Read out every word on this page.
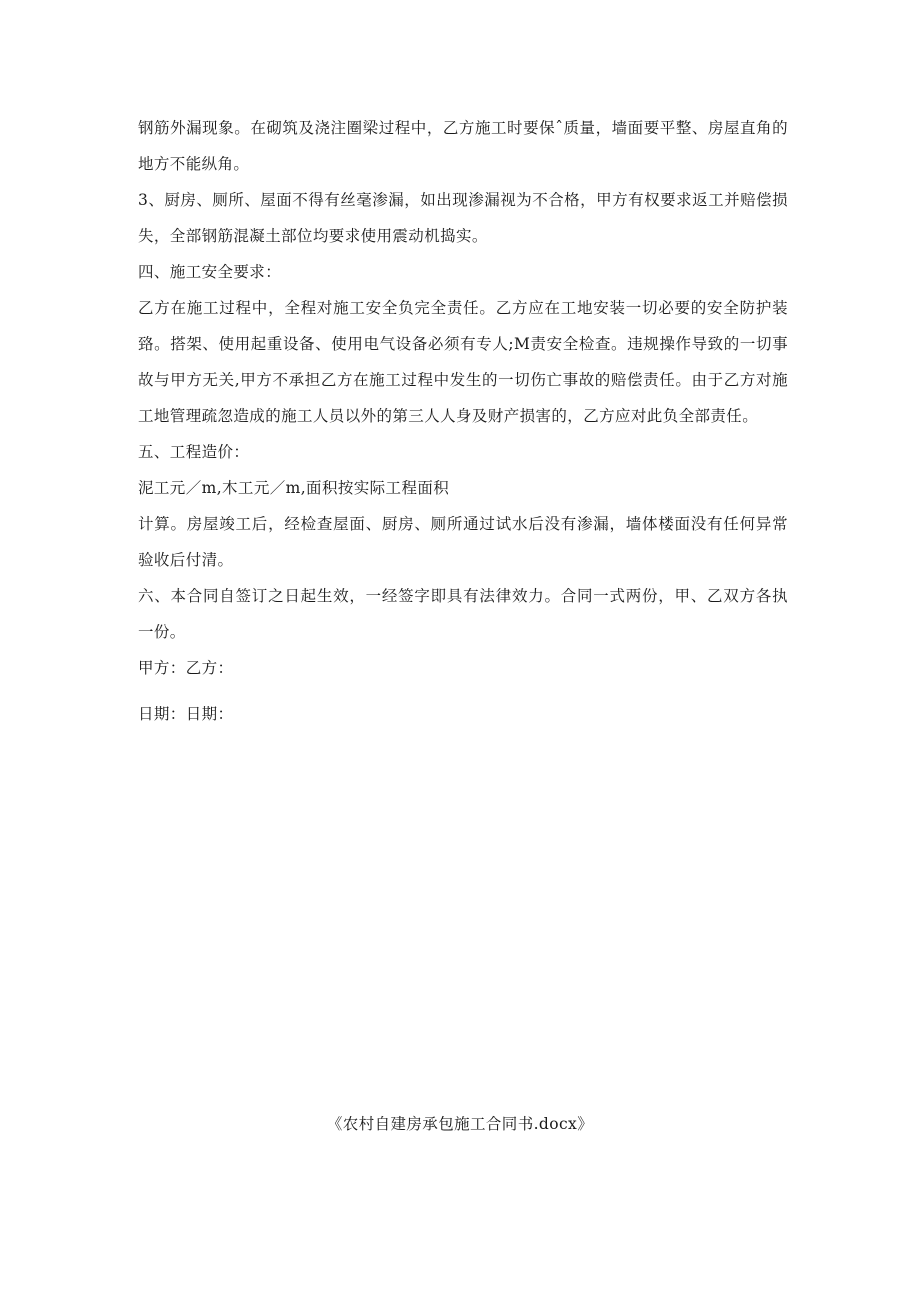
钢筋外漏现象。在砌筑及浇注圈梁过程中，乙方施工时要保ˆ质量，墙面要平整、房屋直角的地方不能纵角。

3、厨房、厕所、屋面不得有丝毫渗漏，如出现渗漏视为不合格，甲方有权要求返工并赔偿损失，全部钢筋混凝土部位均要求使用震动机捣实。

四、施工安全要求：

乙方在施工过程中，全程对施工安全负完全责任。乙方应在工地安装一切必要的安全防护装臵。搭架、使用起重设备、使用电气设备必须有专人;M责安全检查。违规操作导致的一切事故与甲方无关,甲方不承担乙方在施工过程中发生的一切伤亡事故的赔偿责任。由于乙方对施工地管理疏忽造成的施工人员以外的第三人人身及财产损害的，乙方应对此负全部责任。

五、工程造价：

泥工元／m,木工元／m,面积按实际工程面积

计算。房屋竣工后，经检查屋面、厨房、厕所通过试水后没有渗漏，墙体楼面没有任何异常验收后付清。

六、本合同自签订之日起生效，一经签字即具有法律效力。合同一式两份，甲、乙双方各执一份。

甲方：乙方：

日期：日期：

《农村自建房承包施工合同书.docx》
